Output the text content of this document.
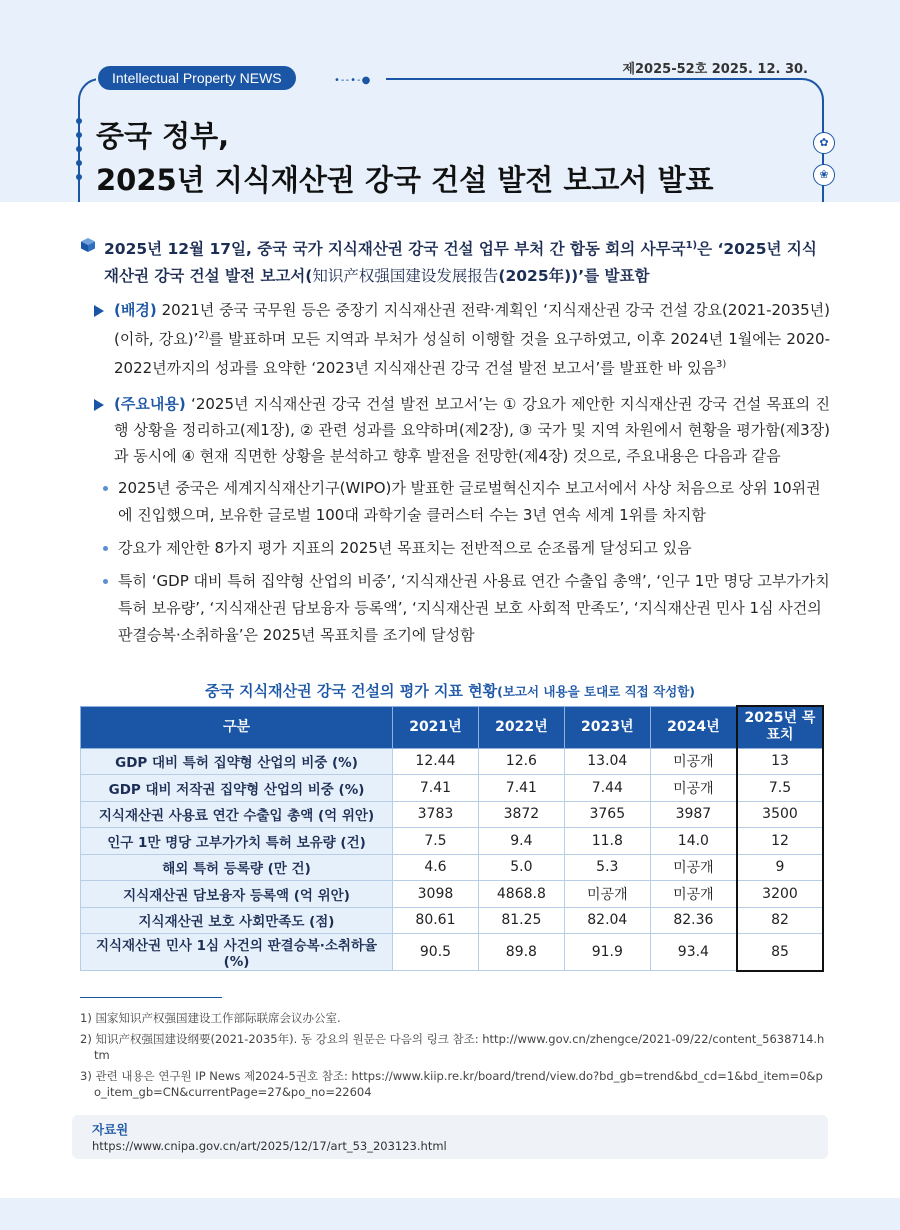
Intellectual Property NEWS	•‑‑•‑●
제2025-52호 2025. 12. 30.
✿
❀
중국 정부,
2025년 지식재산권 강국 건설 발전 보고서 발표
2025년 12월 17일, 중국 국가 지식재산권 강국 건설 업무 부처 간 합동 회의 사무국$^{1)}$은 ‘2025년 지식재산권 강국 건설 발전 보고서(知识产权强国建设发展报告(2025年))’를 발표함
(배경) 2021년 중국 국무원 등은 중장기 지식재산권 전략·계획인 ‘지식재산권 강국 건설 강요(2021-2035년)(이하, 강요)’$^{2)}$를 발표하며 모든 지역과 부처가 성실히 이행할 것을 요구하였고, 이후 2024년 1월에는 2020-2022년까지의 성과를 요약한 ‘2023년 지식재산권 강국 건설 발전 보고서’를 발표한 바 있음$^{3)}$
(주요내용) ‘2025년 지식재산권 강국 건설 발전 보고서’는 ① 강요가 제안한 지식재산권 강국 건설 목표의 진행 상황을 정리하고(제1장), ② 관련 성과를 요약하며(제2장), ③ 국가 및 지역 차원에서 현황을 평가함(제3장)과 동시에 ④ 현재 직면한 상황을 분석하고 향후 발전을 전망한(제4장) 것으로, 주요내용은 다음과 같음
2025년 중국은 세계지식재산기구(WIPO)가 발표한 글로벌혁신지수 보고서에서 사상 처음으로 상위 10위권에 진입했으며, 보유한 글로벌 100대 과학기술 클러스터 수는 3년 연속 세계 1위를 차지함
강요가 제안한 8가지 평가 지표의 2025년 목표치는 전반적으로 순조롭게 달성되고 있음
특히 ‘GDP 대비 특허 집약형 산업의 비중’, ‘지식재산권 사용료 연간 수출입 총액’, ‘인구 1만 명당 고부가가치 특허 보유량’, ‘지식재산권 담보융자 등록액’, ‘지식재산권 보호 사회적 만족도’, ‘지식재산권 민사 1심 사건의 판결승복·소취하율’은 2025년 목표치를 조기에 달성함
중국 지식재산권 강국 건설의 평가 지표 현황(보고서 내용을 토대로 직접 작성함)
구분	2021년	2022년	2023년	2024년	2025년 목표치
GDP 대비 특허 집약형 산업의 비중 (%)	12.44	12.6	13.04	미공개	13
GDP 대비 저작권 집약형 산업의 비중 (%)	7.41	7.41	7.44	미공개	7.5
지식재산권 사용료 연간 수출입 총액 (억 위안)	3783	3872	3765	3987	3500
인구 1만 명당 고부가가치 특허 보유량 (건)	7.5	9.4	11.8	14.0	12
해외 특허 등록량 (만 건)	4.6	5.0	5.3	미공개	9
지식재산권 담보융자 등록액 (억 위안)	3098	4868.8	미공개	미공개	3200
지식재산권 보호 사회만족도 (점)	80.61	81.25	82.04	82.36	82
지식재산권 민사 1심 사건의 판결승복·소취하율 (%)	90.5	89.8	91.9	93.4	85

1) 国家知识产权强国建设工作部际联席会议办公室.

2) 知识产权强国建设纲要(2021-2035年). 동 강요의 원문은 다음의 링크 참조: http://www.gov.cn/zhengce/2021-09/22/content_5638714.htm

3) 관련 내용은 연구원 IP News 제2024-5권호 참조: https://www.kiip.re.kr/board/trend/view.do?bd_gb=trend&bd_cd=1&bd_item=0&po_item_gb=CN&currentPage=27&po_no=22604

자료원
https://www.cnipa.gov.cn/art/2025/12/17/art_53_203123.html
